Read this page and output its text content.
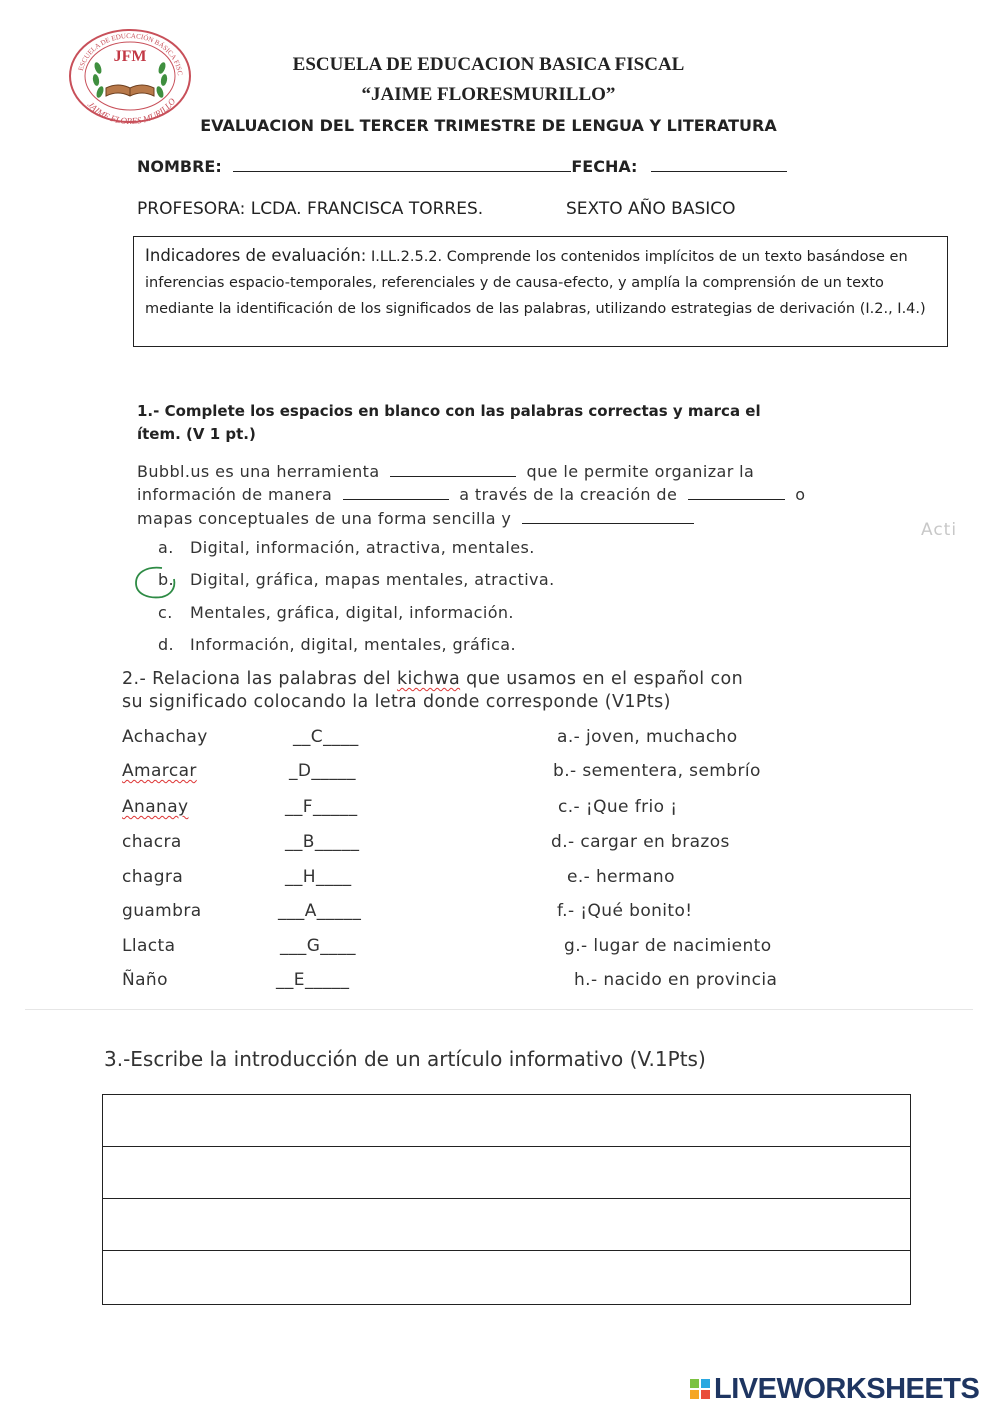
ESCUELA DE EDUCACIÓN BÁSICA FISC
JAIME FLORES MURILLO
JFM	ESCUELA DE EDUCACION BASICA FISCAL
“JAIME FLORESMURILLO”
EVALUACION DEL TERCER TRIMESTRE DE LENGUA Y LITERATURA
NOMBRE:	FECHA:
PROFESORA: LCDA. FRANCISCA TORRES.	SEXTO AÑO BASICO
Indicadores de evaluación: I.LL.2.5.2. Comprende los contenidos implícitos de un texto basándose en inferencias espacio-temporales, referenciales y de causa-efecto, y amplía la comprensión de un texto mediante la identificación de los significados de las palabras, utilizando estrategias de derivación (I.2., I.4.)
1.- Complete los espacios en blanco con las palabras correctas y marca el
ítem. (V 1 pt.)
Bubbl.us es una herramienta	que le permite organizar la
información de manera	a través de la creación de	o
mapas conceptuales de una forma sencilla y
Acti
a. Digital, información, atractiva, mentales.
b. Digital, gráfica, mapas mentales, atractiva.
c. Mentales, gráfica, digital, información.
d. Información, digital, mentales, gráfica.
2.- Relaciona las palabras del kichwa que usamos en el español con
su significado colocando la letra donde corresponde (V1Pts)
Achachay	__C____	a.- joven, muchacho
Amarcar	_D_____	b.- sementera, sembrío
Ananay	__F_____	c.- ¡Que frio ¡
chacra	__B_____	d.- cargar en brazos
chagra	__H____	e.- hermano
guambra	___A_____	f.- ¡Qué bonito!
Llacta	___G____	g.- lugar de nacimiento
Ñaño	__E_____	h.- nacido en provincia
3.-Escribe la introducción de un artículo informativo (V.1Pts)
LIVEWORKSHEETS
